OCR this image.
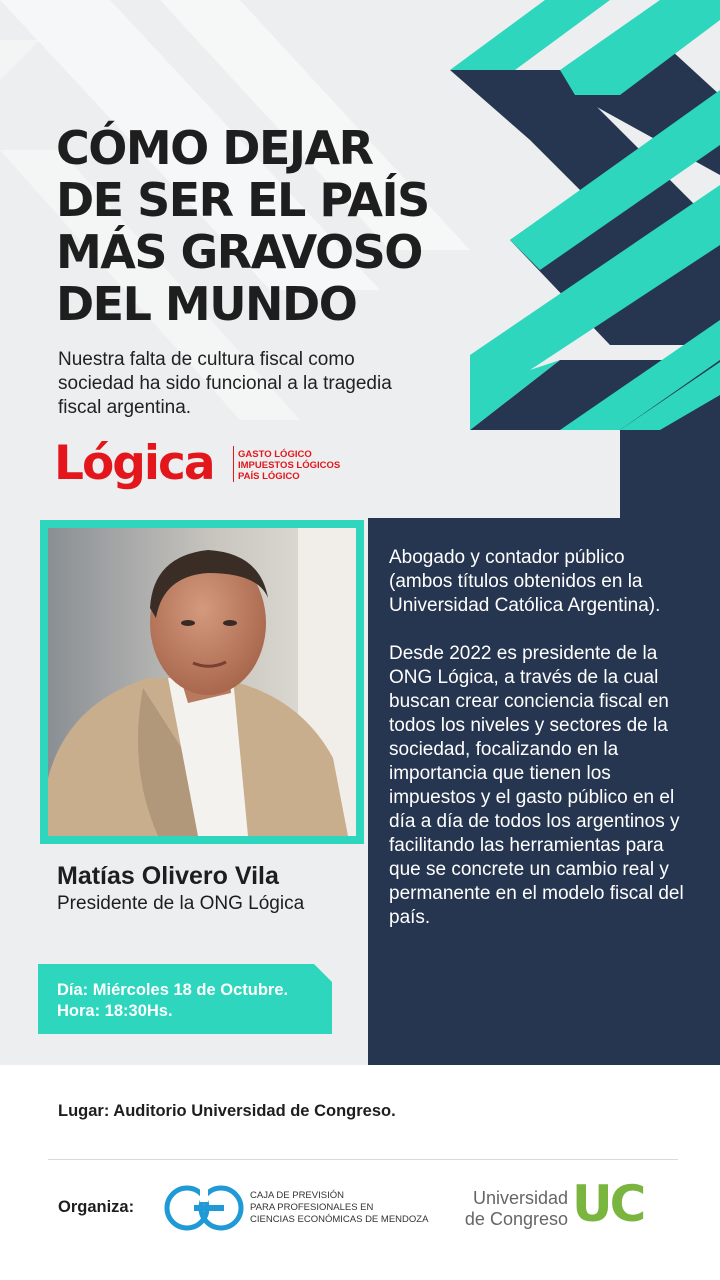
CÓMO DEJAR
DE SER EL PAÍS
MÁS GRAVOSO
DEL MUNDO

Nuestra falta de cultura fiscal como sociedad ha sido funcional a la tragedia fiscal argentina.

Lógica	GASTO LÓGICO
IMPUESTOS LÓGICOS
PAÍS LÓGICO
Matías Olivero Vila
Presidente de la ONG Lógica
Día: Miércoles 18 de Octubre.
Hora: 18:30Hs.

Abogado y contador público (ambos títulos obtenidos en la Universidad Católica Argentina).

Desde 2022 es presidente de la ONG Lógica, a través de la cual buscan crear conciencia fiscal en todos los niveles y sectores de la sociedad, focalizando en la importancia que tienen los impuestos y el gasto público en el día a día de todos los argentinos y facilitando las herramientas para que se concrete un cambio real y permanente en el modelo fiscal del país.

Lugar: Auditorio Universidad de Congreso.
Organiza:
CAJA DE PREVISIÓN
PARA PROFESIONALES EN
CIENCIAS ECONÓMICAS DE MENDOZA
Universidad
de Congreso UC
